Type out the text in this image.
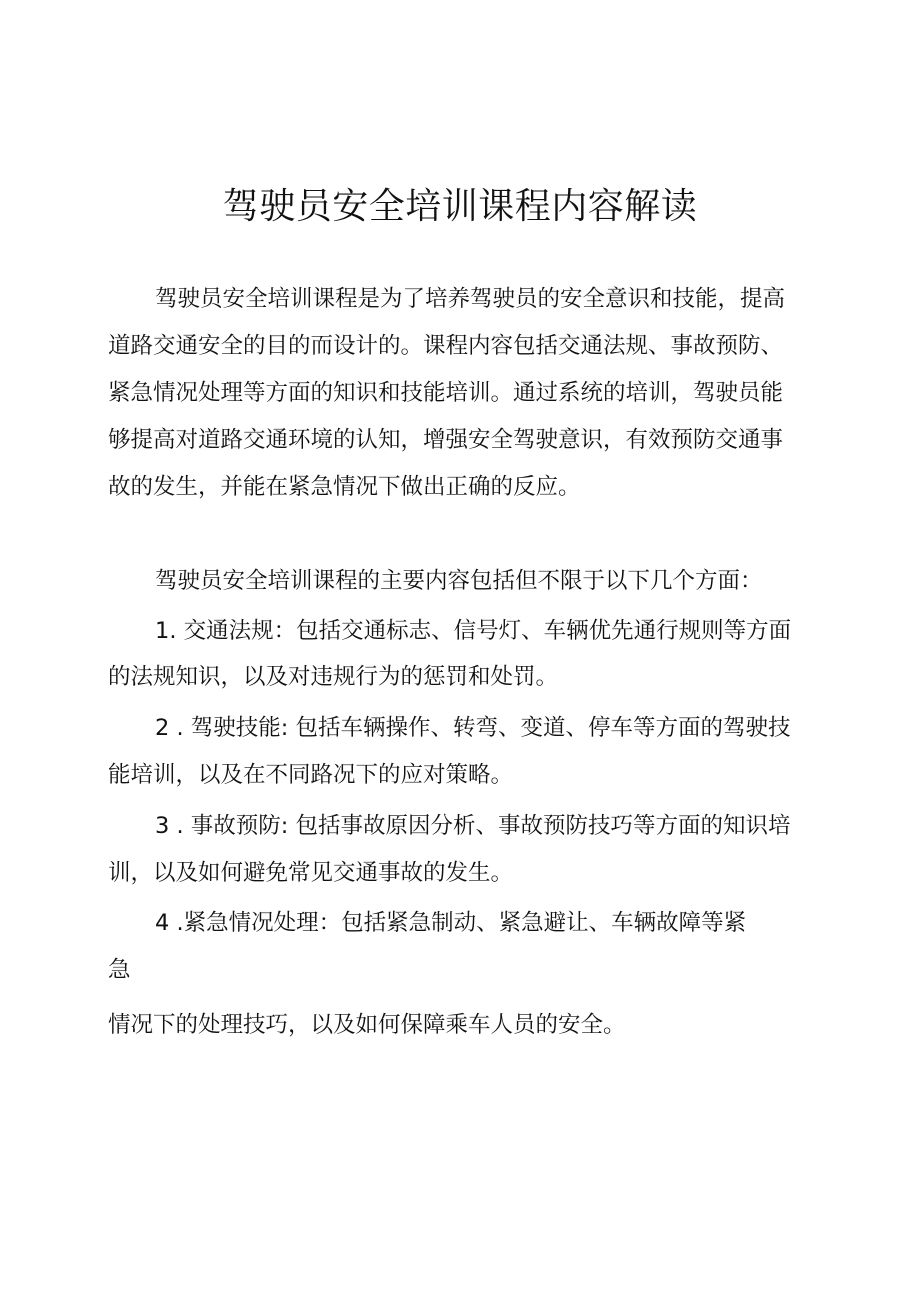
驾驶员安全培训课程内容解读

驾驶员安全培训课程是为了培养驾驶员的安全意识和技能，提高

道路交通安全的目的而设计的。课程内容包括交通法规、事故预防、

紧急情况处理等方面的知识和技能培训。通过系统的培训，驾驶员能

够提高对道路交通环境的认知，增强安全驾驶意识，有效预防交通事

故的发生，并能在紧急情况下做出正确的反应。

驾驶员安全培训课程的主要内容包括但不限于以下几个方面：

1. 交通法规：包括交通标志、信号灯、车辆优先通行规则等方面

的法规知识，以及对违规行为的惩罚和处罚。

2 . 驾驶技能: 包括车辆操作、转弯、变道、停车等方面的驾驶技

能培训，以及在不同路况下的应对策略。

3 . 事故预防: 包括事故原因分析、事故预防技巧等方面的知识培

训，以及如何避免常见交通事故的发生。

4 .紧急情况处理：包括紧急制动、紧急避让、车辆故障等紧

急

情况下的处理技巧，以及如何保障乘车人员的安全。
